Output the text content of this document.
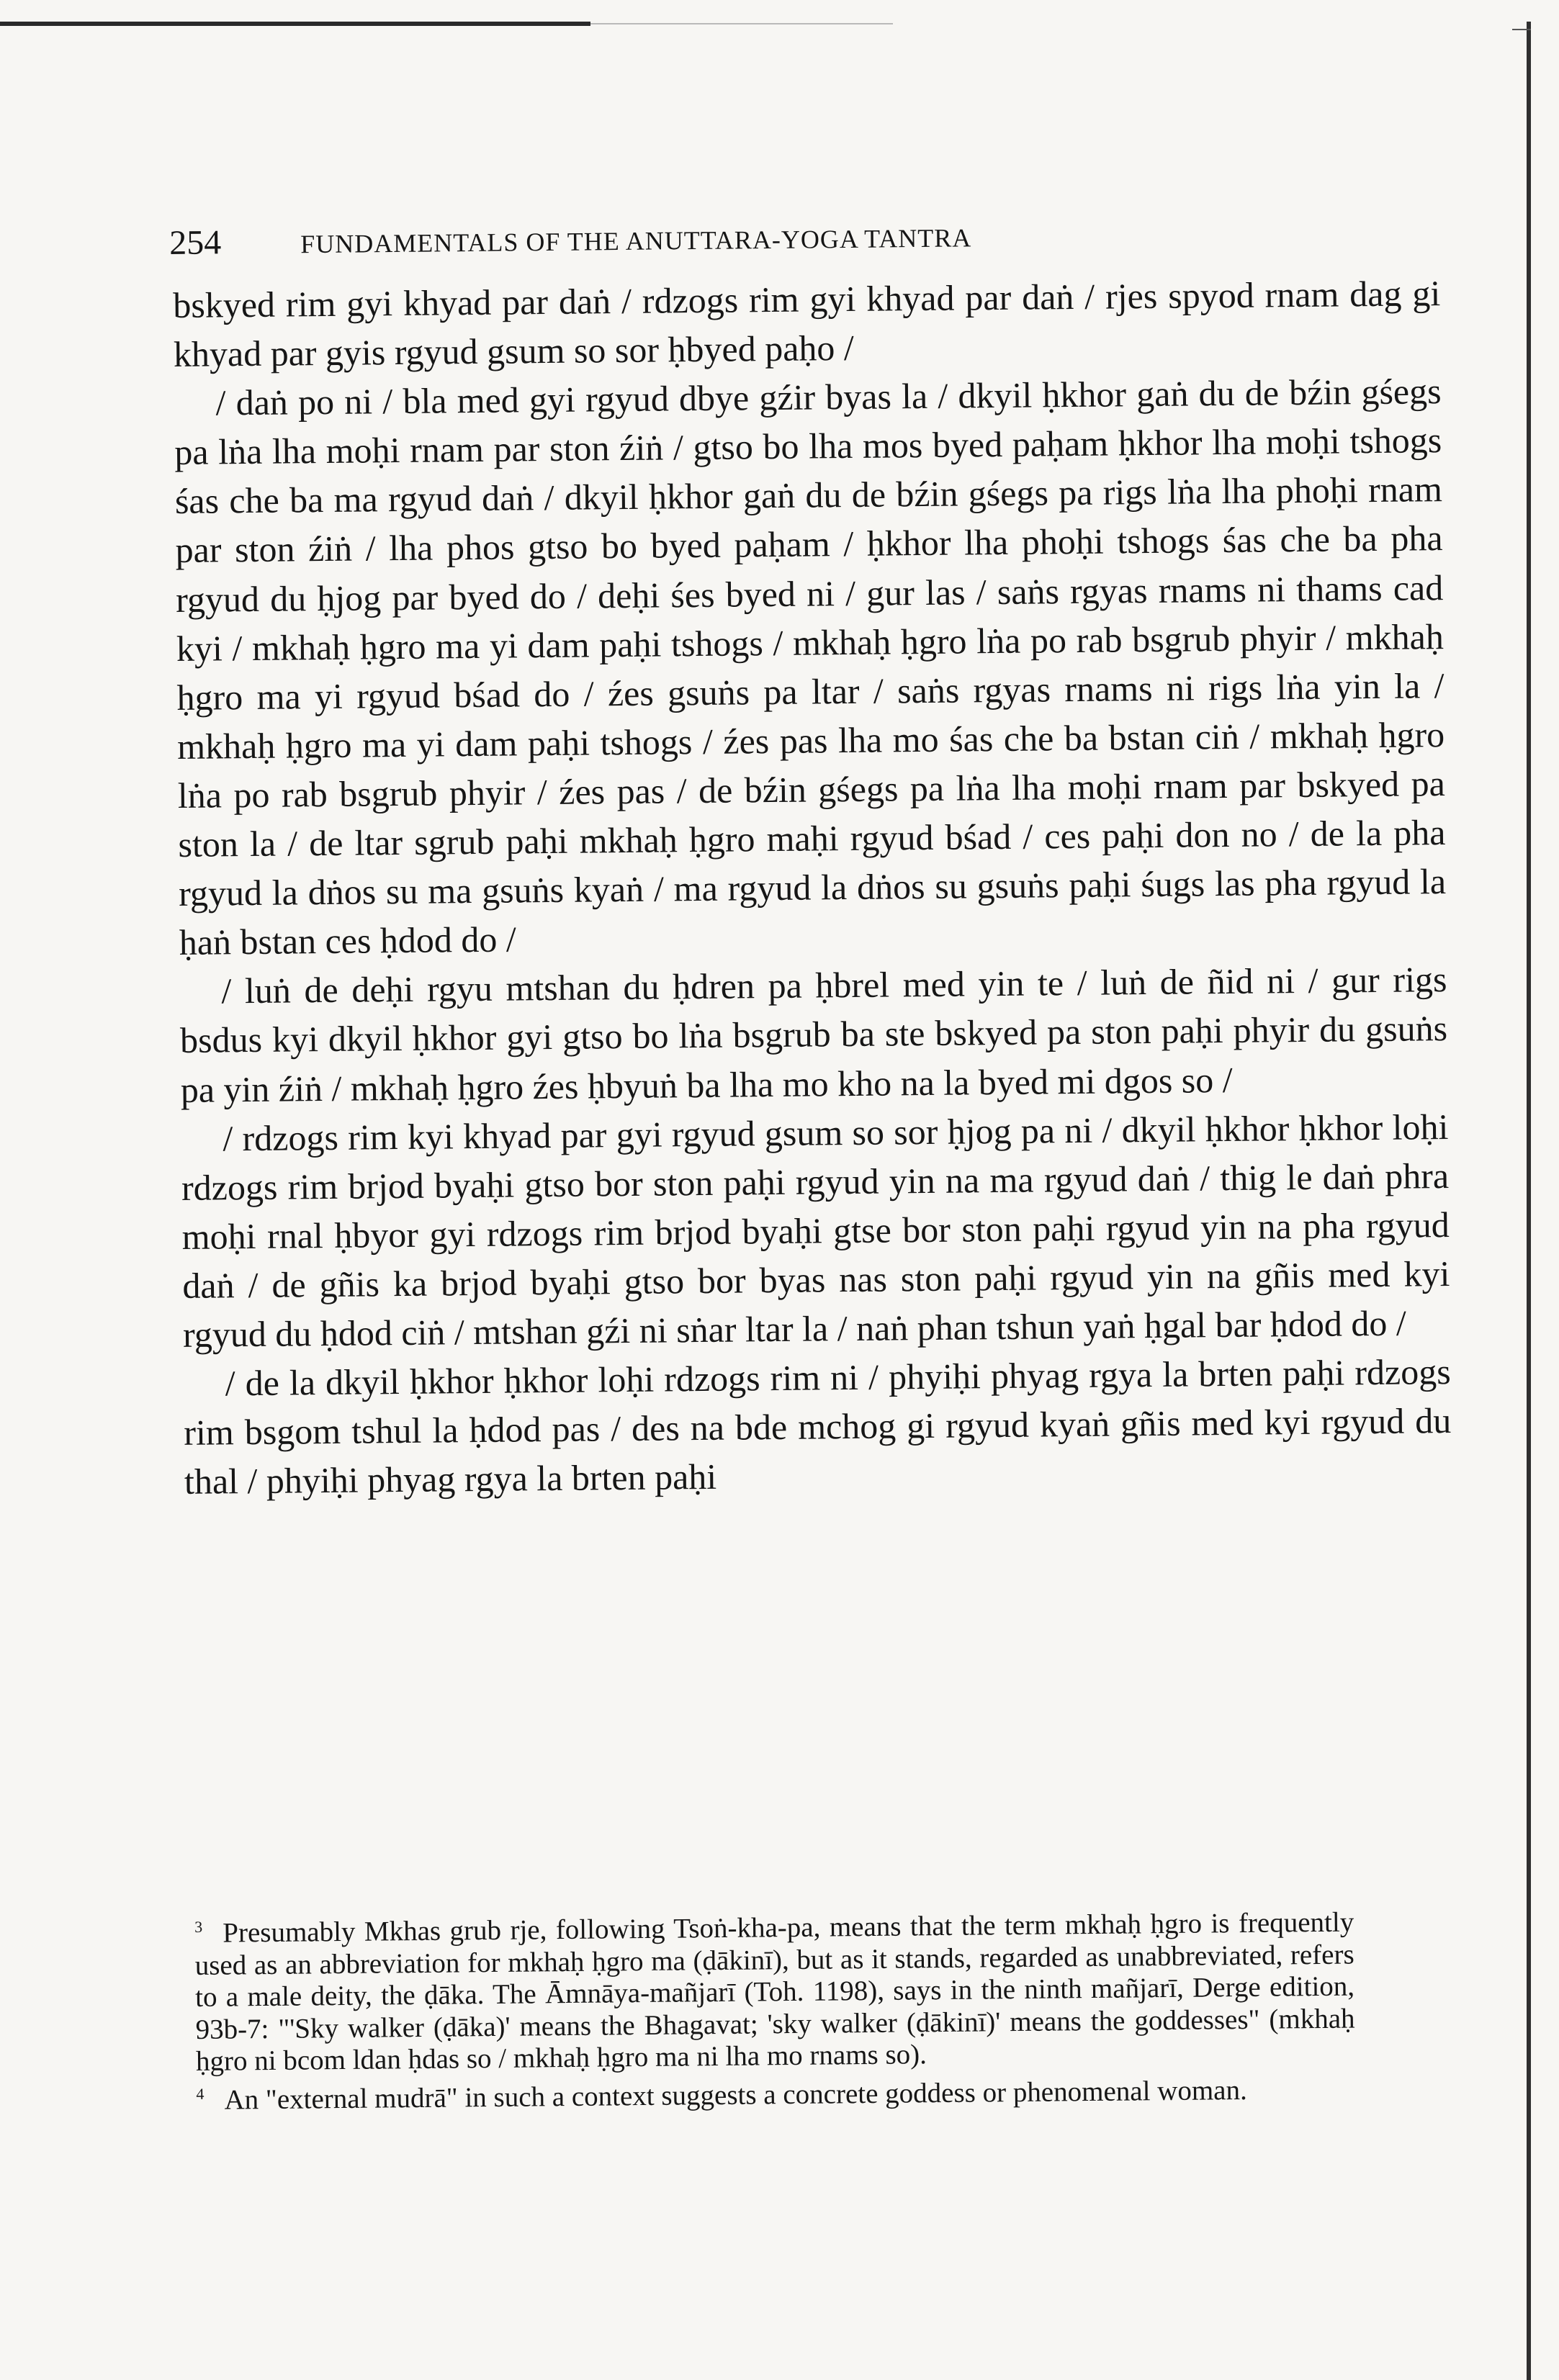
254	FUNDAMENTALS OF THE ANUTTARA-YOGA TANTRA

bskyed rim gyi khyad par daṅ / rdzogs rim gyi khyad par daṅ / rjes spyod rnam dag gi khyad par gyis rgyud gsum so sor ḥbyed paḥo /

/ daṅ po ni / bla med gyi rgyud dbye gźir byas la / dkyil ḥkhor gaṅ du de bźin gśegs pa lṅa lha moḥi rnam par ston źiṅ / gtso bo lha mos byed paḥam ḥkhor lha moḥi tshogs śas che ba ma rgyud daṅ / dkyil ḥkhor gaṅ du de bźin gśegs pa rigs lṅa lha phoḥi rnam par ston źiṅ / lha phos gtso bo byed paḥam / ḥkhor lha phoḥi tshogs śas che ba pha rgyud du ḥjog par byed do / deḥi śes byed ni / gur las / saṅs rgyas rnams ni thams cad kyi / mkhaḥ ḥgro ma yi dam paḥi tshogs / mkhaḥ ḥgro lṅa po rab bsgrub phyir / mkhaḥ ḥgro ma yi rgyud bśad do / źes gsuṅs pa ltar / saṅs rgyas rnams ni rigs lṅa yin la / mkhaḥ ḥgro ma yi dam paḥi tshogs / źes pas lha mo śas che ba bstan ciṅ / mkhaḥ ḥgro lṅa po rab bsgrub phyir / źes pas / de bźin gśegs pa lṅa lha moḥi rnam par bskyed pa ston la / de ltar sgrub paḥi mkhaḥ ḥgro maḥi rgyud bśad / ces paḥi don no / de la pha rgyud la dṅos su ma gsuṅs kyaṅ / ma rgyud la dṅos su gsuṅs paḥi śugs las pha rgyud la ḥaṅ bstan ces ḥdod do /

/ luṅ de deḥi rgyu mtshan du ḥdren pa ḥbrel med yin te / luṅ de ñid ni / gur rigs bsdus kyi dkyil ḥkhor gyi gtso bo lṅa bsgrub ba ste bskyed pa ston paḥi phyir du gsuṅs pa yin źiṅ / mkhaḥ ḥgro źes ḥbyuṅ ba lha mo kho na la byed mi dgos so /

/ rdzogs rim kyi khyad par gyi rgyud gsum so sor ḥjog pa ni / dkyil ḥkhor ḥkhor loḥi rdzogs rim brjod byaḥi gtso bor ston paḥi rgyud yin na ma rgyud daṅ / thig le daṅ phra moḥi rnal ḥbyor gyi rdzogs rim brjod byaḥi gtse bor ston paḥi rgyud yin na pha rgyud daṅ / de gñis ka brjod byaḥi gtso bor byas nas ston paḥi rgyud yin na gñis med kyi rgyud du ḥdod ciṅ / mtshan gźi ni sṅar ltar la / naṅ phan tshun yaṅ ḥgal bar ḥdod do /

/ de la dkyil ḥkhor ḥkhor loḥi rdzogs rim ni / phyiḥi phyag rgya la brten paḥi rdzogs rim bsgom tshul la ḥdod pas / des na bde mchog gi rgyud kyaṅ gñis med kyi rgyud du thal / phyiḥi phyag rgya la brten paḥi

$^3$ Presumably Mkhas grub rje, following Tsoṅ-kha-pa, means that the term mkhaḥ ḥgro is frequently used as an abbreviation for mkhaḥ ḥgro ma (ḍākinī), but as it stands, regarded as unabbreviated, refers to a male deity, the ḍāka. The Āmnāya-mañjarī (Toh. 1198), says in the ninth mañjarī, Derge edition, 93b-7: "'Sky walker (ḍāka)' means the Bhagavat; 'sky walker (ḍākinī)' means the goddesses" (mkhaḥ ḥgro ni bcom ldan ḥdas so / mkhaḥ ḥgro ma ni lha mo rnams so).

$^4$ An "external mudrā" in such a context suggests a concrete goddess or phenomenal woman.
